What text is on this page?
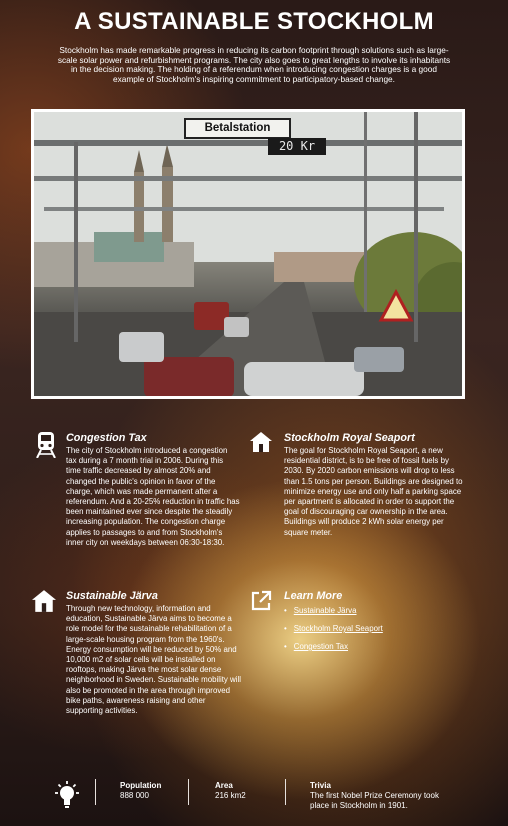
A SUSTAINABLE STOCKHOLM

Stockholm has made remarkable progress in reducing its carbon footprint through solutions such as large-scale solar power and refurbishment programs. The city also goes to great lengths to involve its inhabitants in the decision making. The holding of a referendum when introducing congestion charges is a good example of Stockholm's inspiring commitment to participatory-based change.

Betalstation
20 Kr
Congestion Tax

The city of Stockholm introduced a congestion tax during a 7 month trial in 2006. During this time traffic decreased by almost 20% and changed the public's opinion in favor of the charge, which was made permanent after a referendum. And a 20-25% reduction in traffic has been maintained ever since despite the steadily increasing population. The congestion charge applies to passages to and from Stockholm's inner city on weekdays between 06:30-18:30.

Stockholm Royal Seaport

The goal for Stockholm Royal Seaport, a new residential district, is to be free of fossil fuels by 2030. By 2020 carbon emissions will drop to less than 1.5 tons per person. Buildings are designed to minimize energy use and only half a parking space per apartment is allocated in order to support the goal of discouraging car ownership in the area. Buildings will produce 2 kWh solar energy per square meter.

Sustainable Järva

Through new technology, information and education, Sustainable Järva aims to become a role model for the sustainable rehabilitation of a large-scale housing program from the 1960's. Energy consumption will be reduced by 50% and 10,000 m2 of solar cells will be installed on rooftops, making Järva the most solar dense neighborhood in Sweden. Sustainable mobility will also be promoted in the area through improved bike paths, awareness raising and other supporting activities.

Learn More
• Sustainable Järva
• Stockholm Royal Seaport
• Congestion Tax
Population
888 000
Area
216 km2
Trivia
The first Nobel Prize Ceremony took place in Stockholm in 1901.
